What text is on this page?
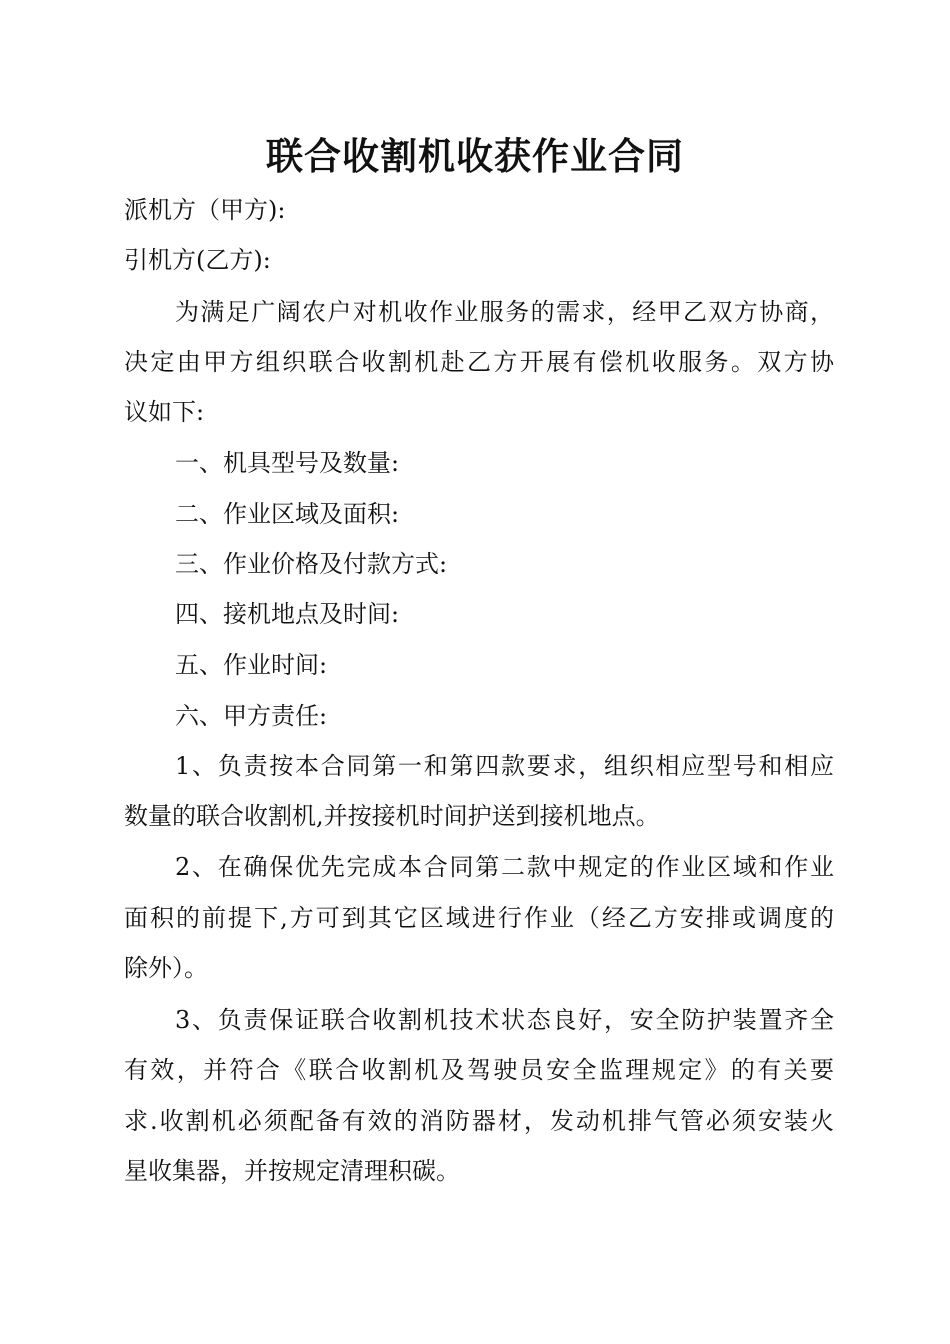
联合收割机收获作业合同

派机方（甲方):

引机方(乙方):

为满足广阔农户对机收作业服务的需求，经甲乙双方协商，

决定由甲方组织联合收割机赴乙方开展有偿机收服务。双方协

议如下:

一、机具型号及数量:

二、作业区域及面积:

三、作业价格及付款方式:

四、接机地点及时间:

五、作业时间:

六、甲方责任:

1、负责按本合同第一和第四款要求，组织相应型号和相应

数量的联合收割机,并按接机时间护送到接机地点。

2、在确保优先完成本合同第二款中规定的作业区域和作业

面积的前提下,方可到其它区域进行作业（经乙方安排或调度的

除外）。

3、负责保证联合收割机技术状态良好，安全防护装置齐全

有效，并符合《联合收割机及驾驶员安全监理规定》的有关要

求.收割机必须配备有效的消防器材，发动机排气管必须安装火

星收集器，并按规定清理积碳。
